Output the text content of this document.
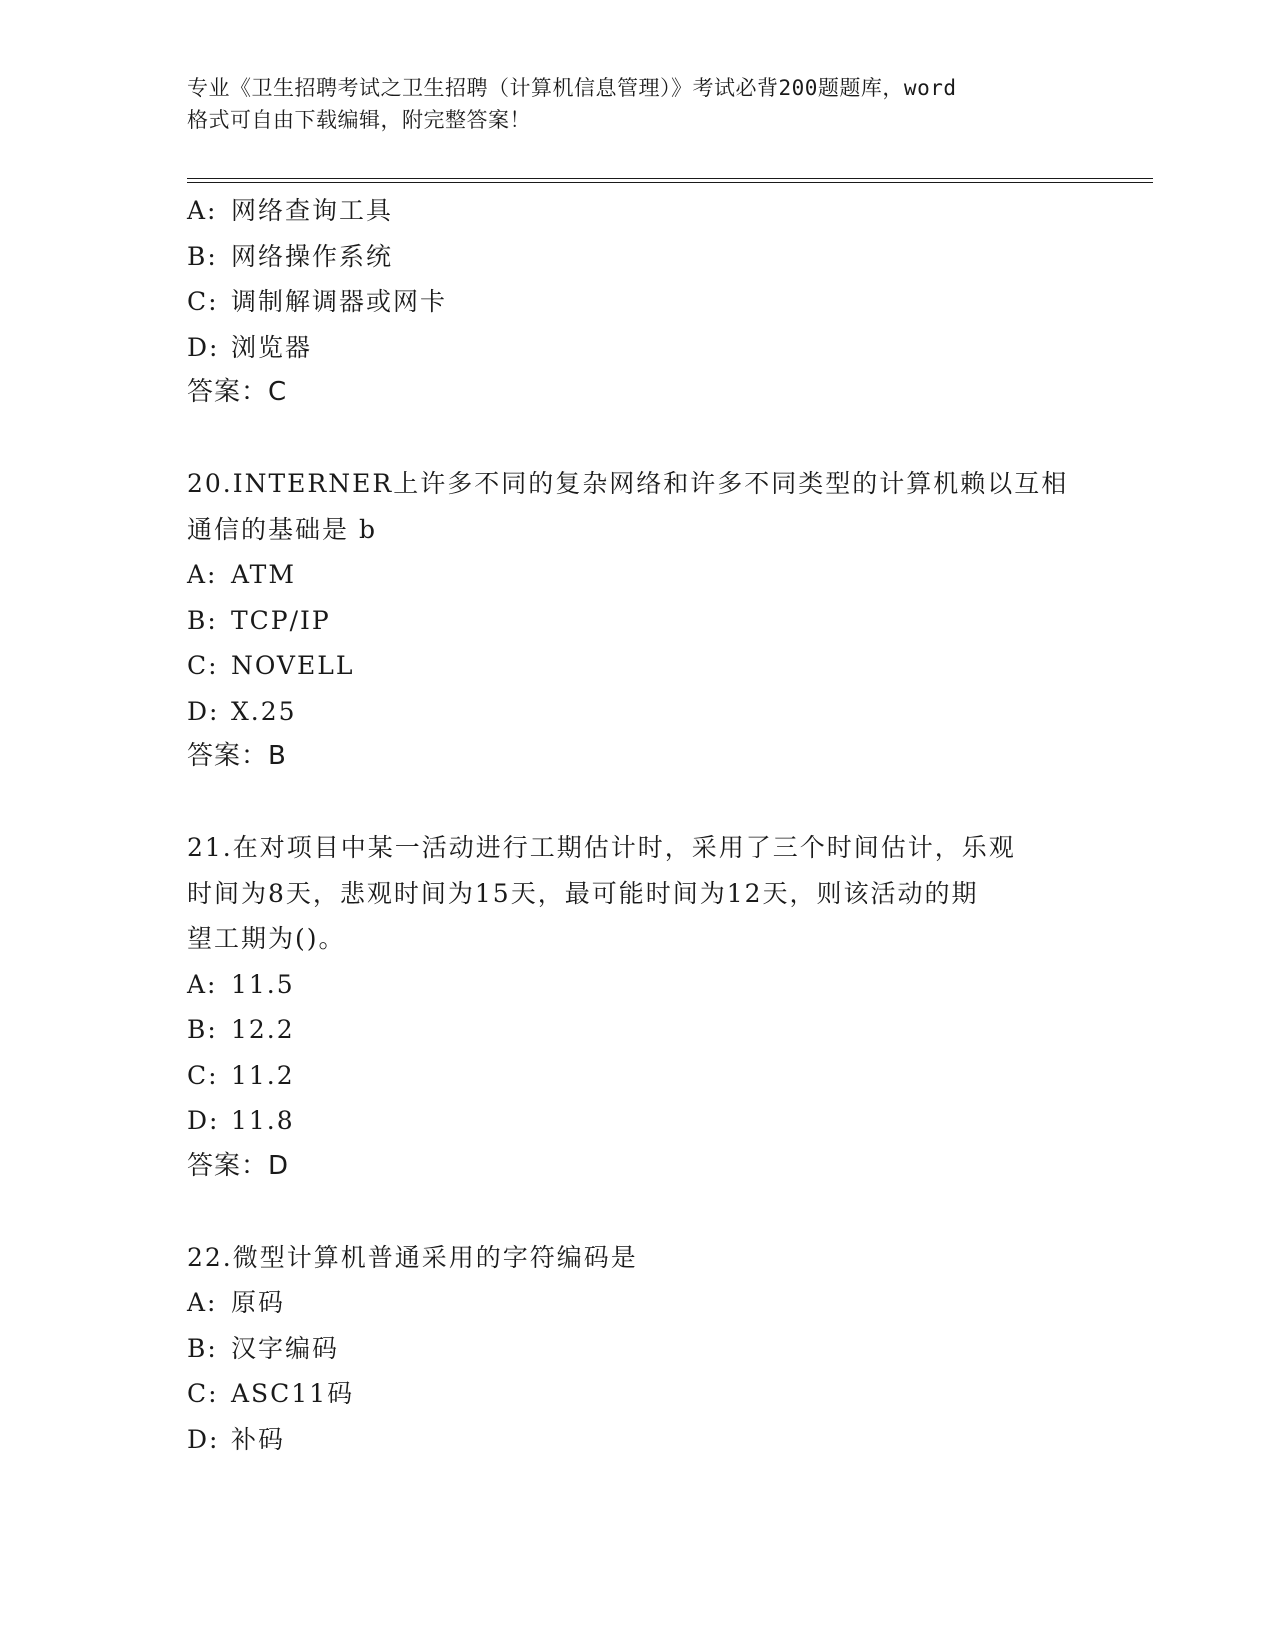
专业《卫生招聘考试之卫生招聘（计算机信息管理）》考试必背200题题库，word
格式可自由下载编辑，附完整答案！
A: 网络查询工具
B: 网络操作系统
C: 调制解调器或网卡
D: 浏览器
答案：C
20.INTERNER上许多不同的复杂网络和许多不同类型的计算机赖以互相
通信的基础是 b
A: ATM
B: TCP/IP
C: NOVELL
D: X.25
答案：B
21.在对项目中某一活动进行工期估计时，采用了三个时间估计，乐观
时间为8天，悲观时间为15天，最可能时间为12天，则该活动的期
望工期为()。
A: 11.5
B: 12.2
C: 11.2
D: 11.8
答案：D
22.微型计算机普通采用的字符编码是
A: 原码
B: 汉字编码
C: ASC11码
D: 补码
